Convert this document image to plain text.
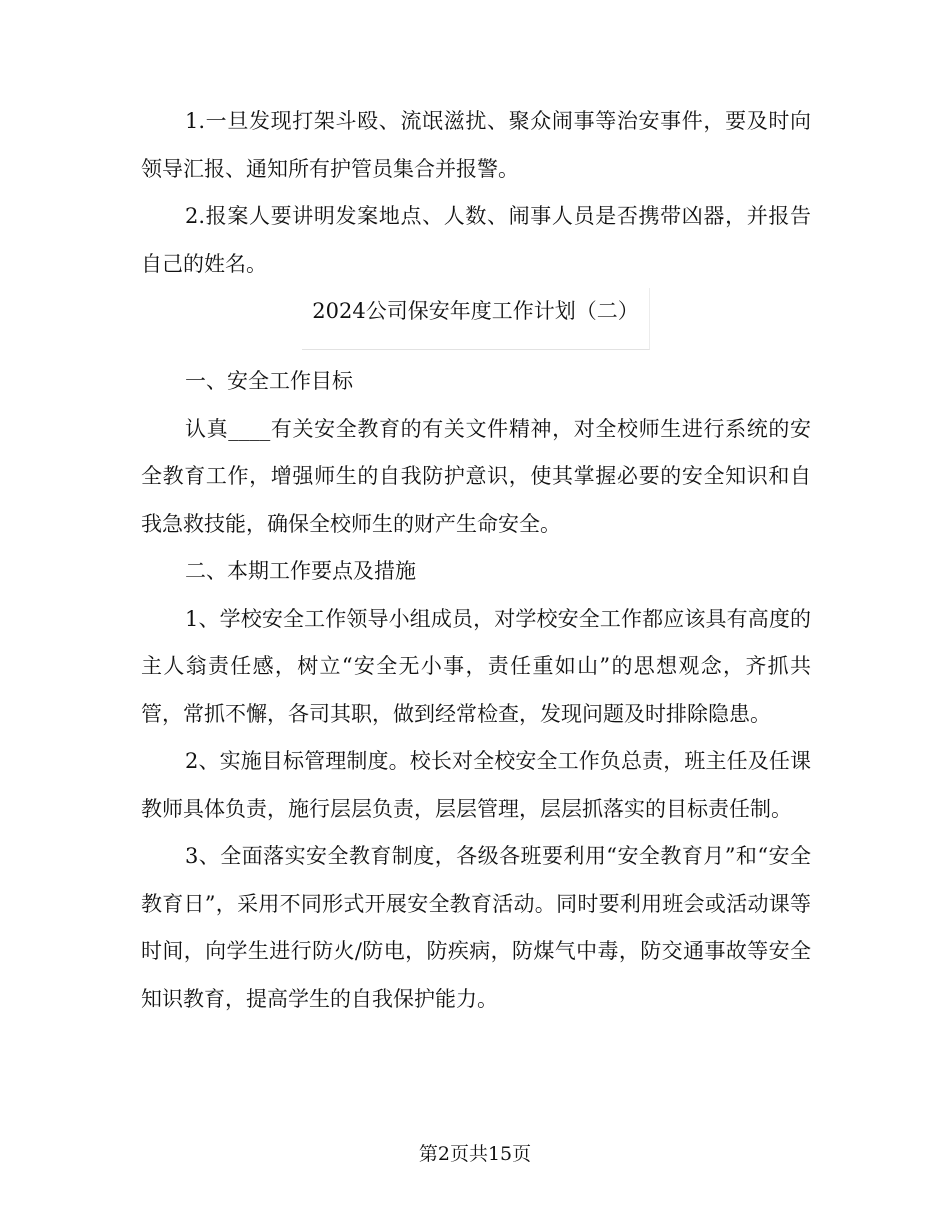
1.一旦发现打架斗殴、流氓滋扰、聚众闹事等治安事件，要及时向领导汇报、通知所有护管员集合并报警。

2.报案人要讲明发案地点、人数、闹事人员是否携带凶器，并报告自己的姓名。

2024公司保安年度工作计划（二）

一、安全工作目标

认真____有关安全教育的有关文件精神，对全校师生进行系统的安全教育工作，增强师生的自我防护意识，使其掌握必要的安全知识和自我急救技能，确保全校师生的财产生命安全。

二、本期工作要点及措施

1、学校安全工作领导小组成员，对学校安全工作都应该具有高度的主人翁责任感，树立“安全无小事，责任重如山”的思想观念，齐抓共管，常抓不懈，各司其职，做到经常检查，发现问题及时排除隐患。

2、实施目标管理制度。校长对全校安全工作负总责，班主任及任课教师具体负责，施行层层负责，层层管理，层层抓落实的目标责任制。

3、全面落实安全教育制度，各级各班要利用“安全教育月”和“安全教育日”，采用不同形式开展安全教育活动。同时要利用班会或活动课等时间，向学生进行防火/防电，防疾病，防煤气中毒，防交通事故等安全知识教育，提高学生的自我保护能力。

第2页共15页
